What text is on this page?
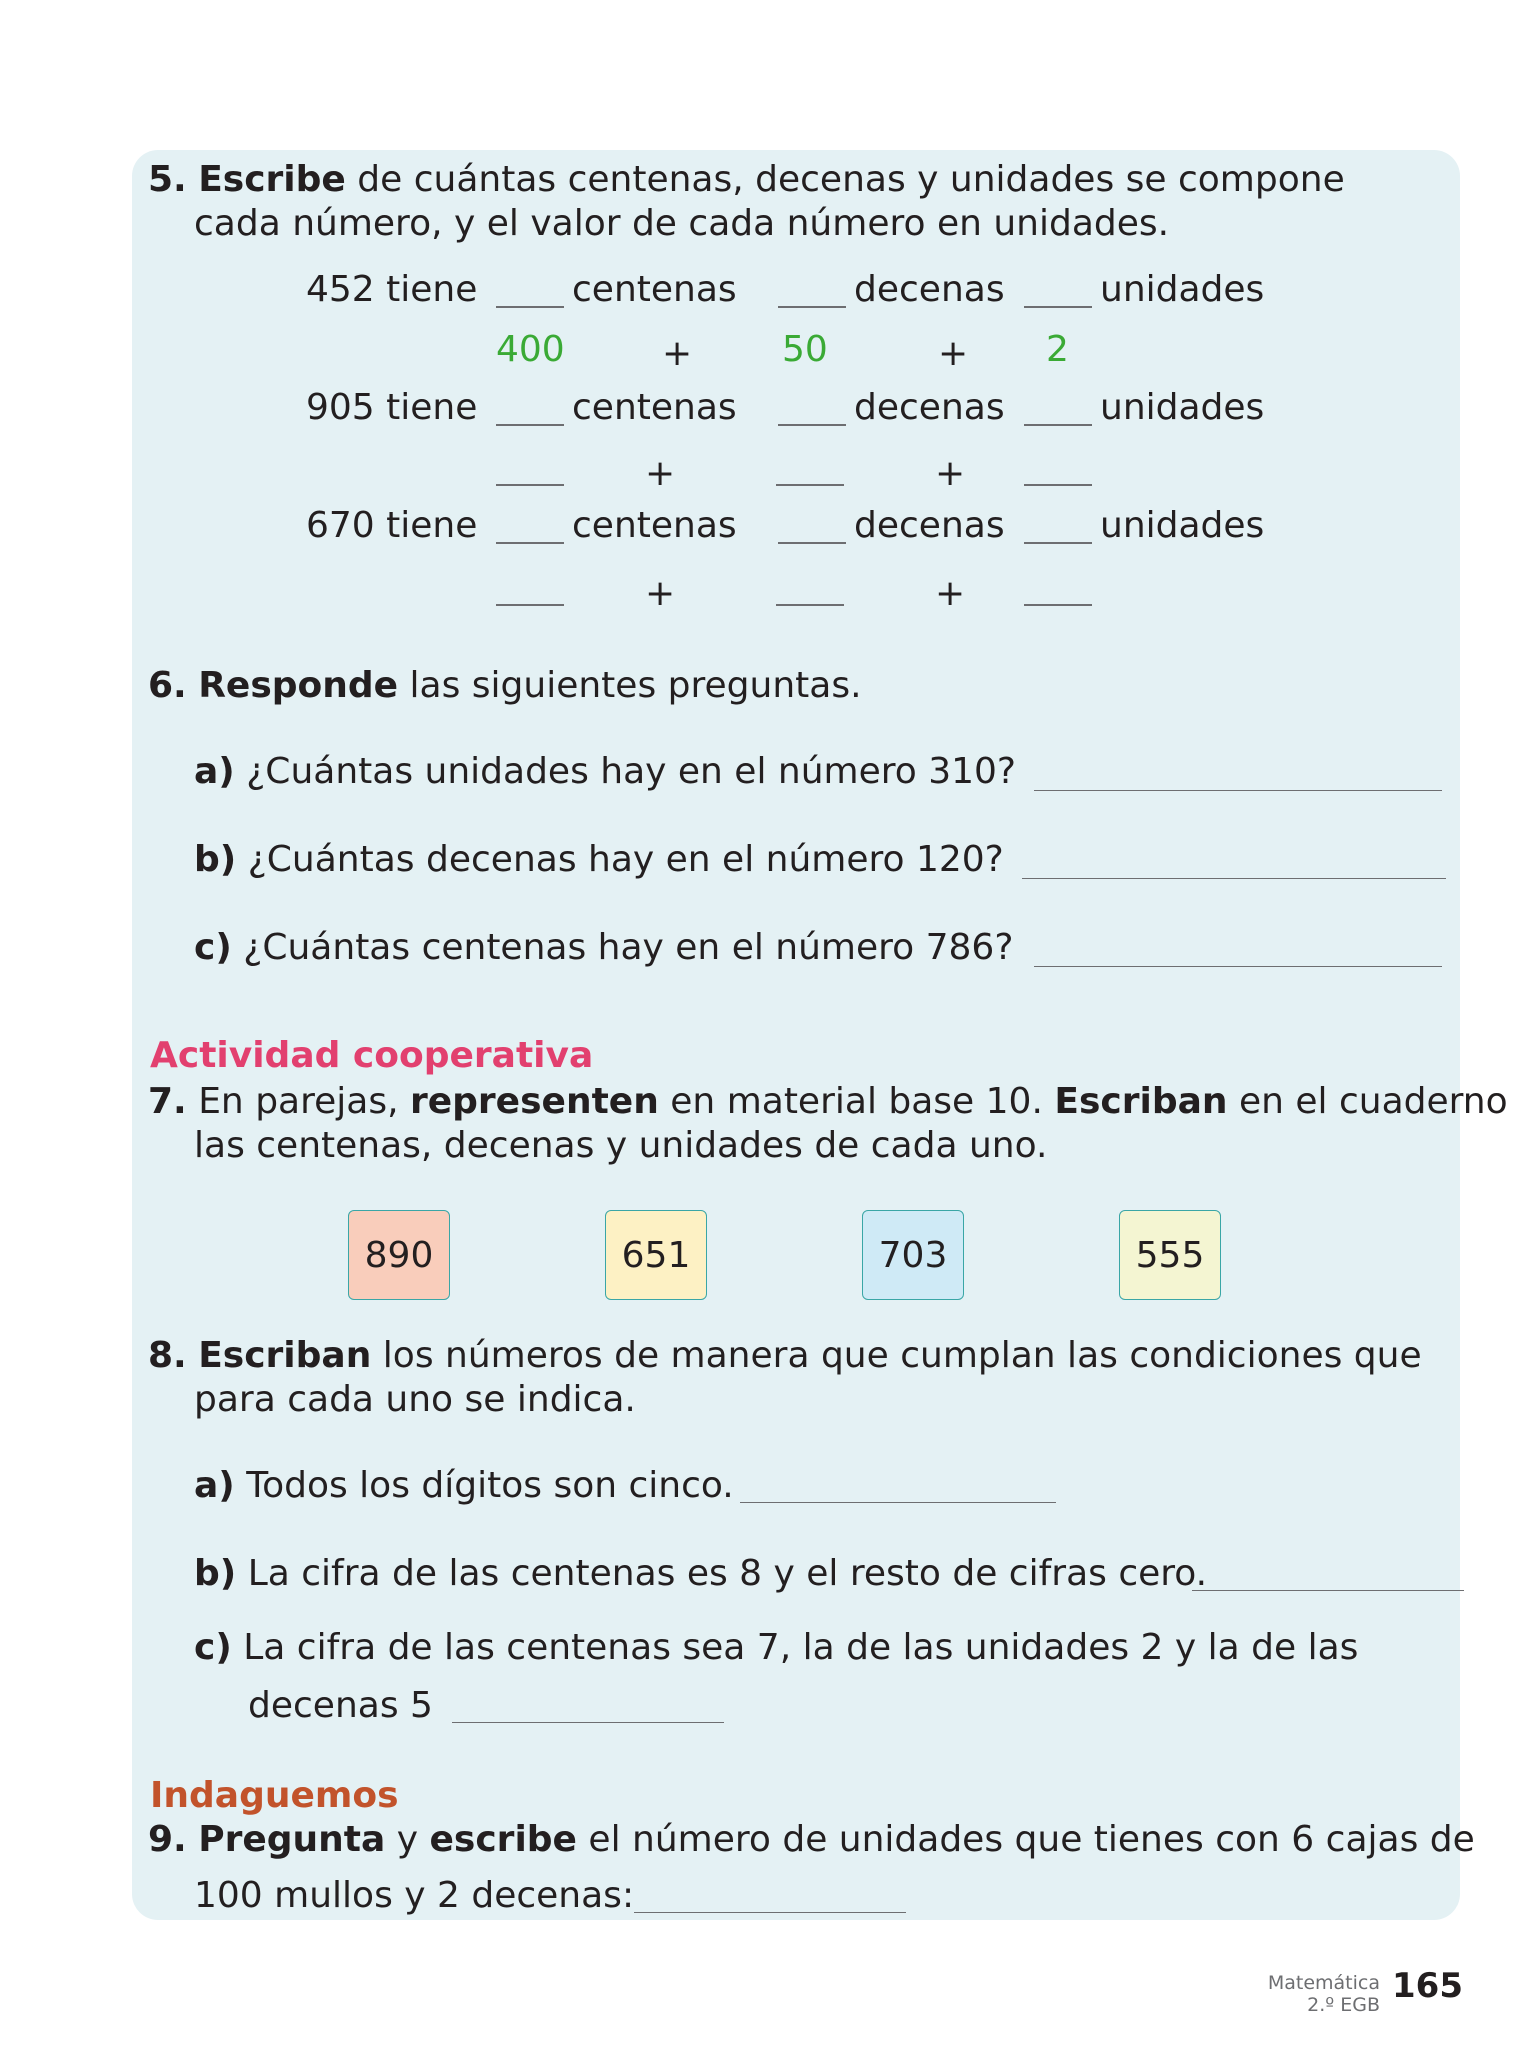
5. Escribe de cuántas centenas, decenas y unidades se compone
cada número, y el valor de cada número en unidades.
452 tiene	centenas	decenas	unidades
400	+ 50	+ 2
905 tiene	centenas	decenas	unidades
+	+
670 tiene	centenas	decenas	unidades
+	+
6. Responde las siguientes preguntas.
a) ¿Cuántas unidades hay en el número 310?
b) ¿Cuántas decenas hay en el número 120?
c) ¿Cuántas centenas hay en el número 786?
Actividad cooperativa
7. En parejas, representen en material base 10. Escriban en el cuaderno
las centenas, decenas y unidades de cada uno.
890	651	703	555
8. Escriban los números de manera que cumplan las condiciones que
para cada uno se indica.
a) Todos los dígitos son cinco.
b) La cifra de las centenas es 8 y el resto de cifras cero.
c) La cifra de las centenas sea 7, la de las unidades 2 y la de las
decenas 5
Indaguemos
9. Pregunta y escribe el número de unidades que tienes con 6 cajas de
100 mullos y 2 decenas:
Matemática
2.º EGB 165
